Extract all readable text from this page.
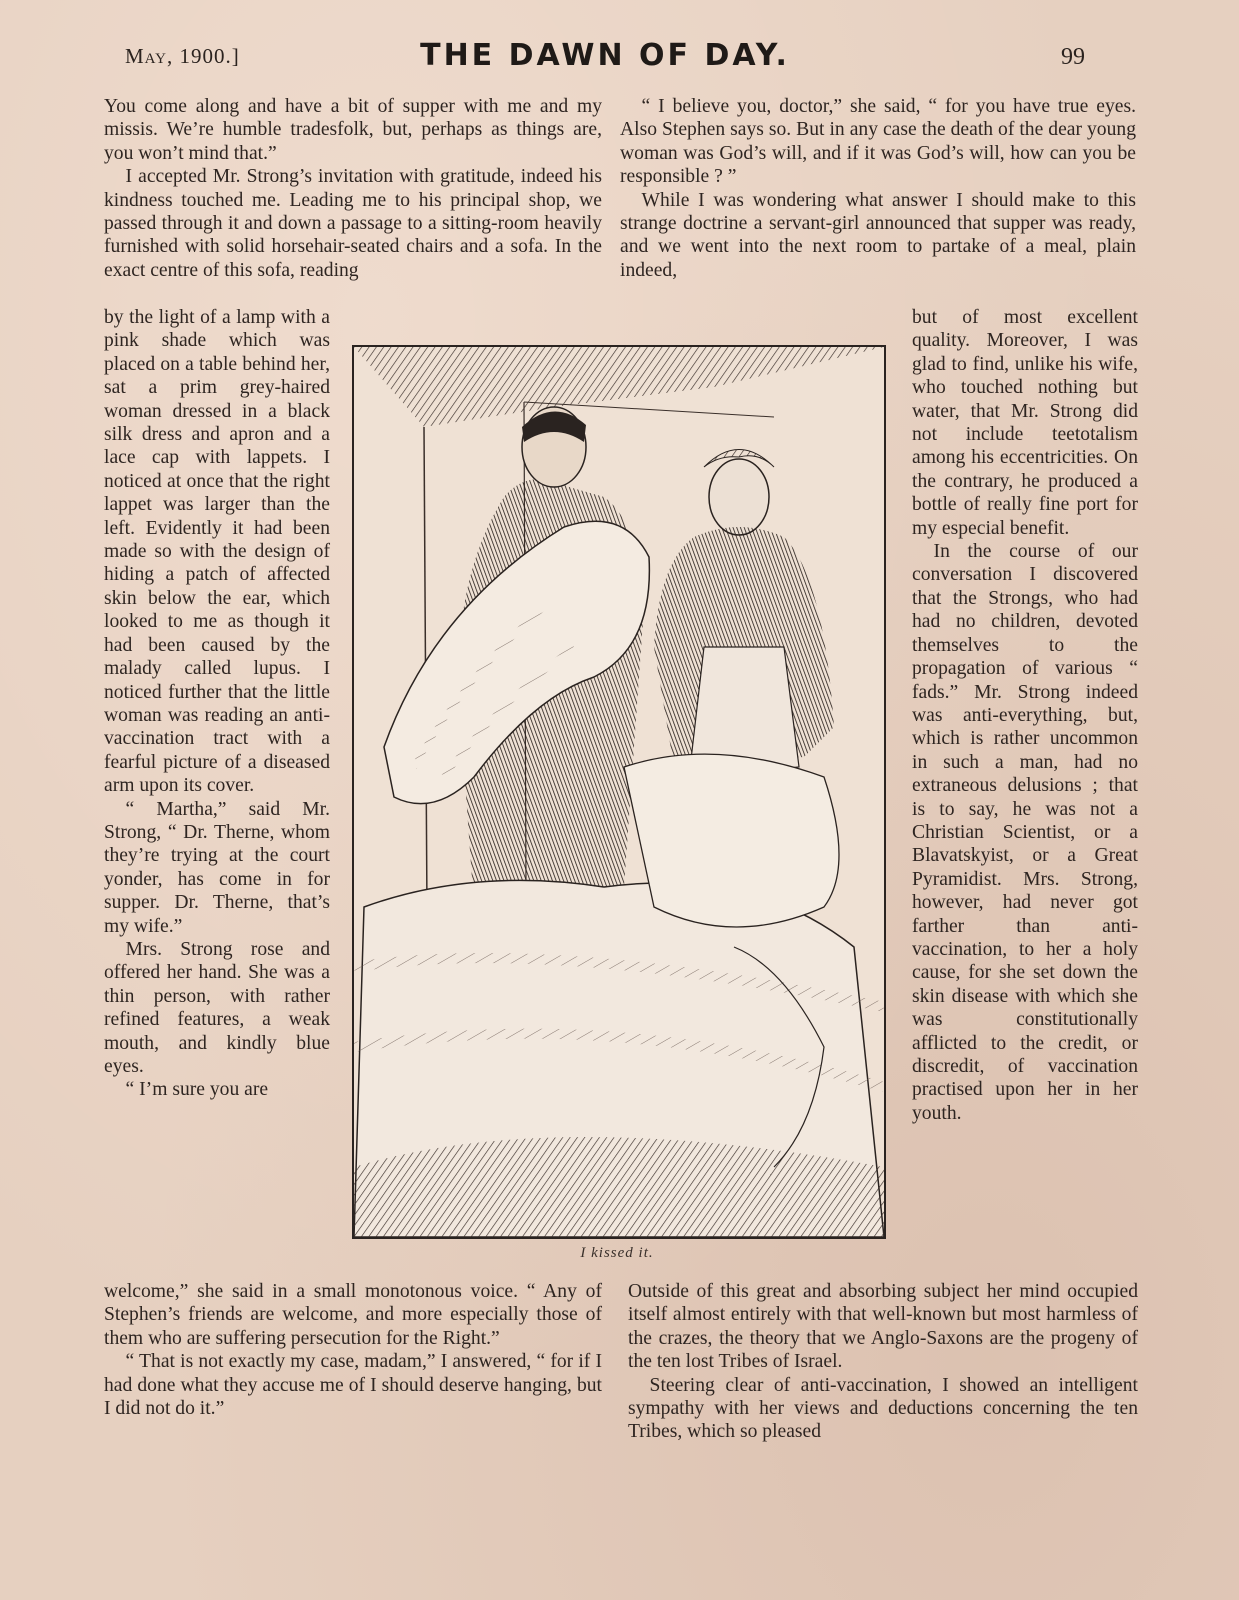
May, 1900.]	THE DAWN OF DAY.	99

You come along and have a bit of supper with me and my missis. We’re humble tradesfolk, but, perhaps as things are, you won’t mind that.”

I accepted Mr. Strong’s invitation with gratitude, indeed his kindness touched me. Leading me to his principal shop, we passed through it and down a passage to a sitting-room heavily furnished with solid horsehair-seated chairs and a sofa. In the exact centre of this sofa, reading

“ I believe you, doctor,” she said, “ for you have true eyes. Also Stephen says so. But in any case the death of the dear young woman was God’s will, and if it was God’s will, how can you be responsible ? ”

While I was wondering what answer I should make to this strange doctrine a servant-girl announced that supper was ready, and we went into the next room to partake of a meal, plain indeed,

by the light of a lamp with a pink shade which was placed on a table behind her, sat a prim grey-haired woman dressed in a black silk dress and apron and a lace cap with lappets. I noticed at once that the right lappet was larger than the left. Evidently it had been made so with the design of hiding a patch of affected skin below the ear, which looked to me as though it had been caused by the malady called lupus. I noticed further that the little woman was reading an anti-vaccination tract with a fearful picture of a diseased arm upon its cover.

“ Martha,” said Mr. Strong, “ Dr. Therne, whom they’re trying at the court yonder, has come in for supper. Dr. Therne, that’s my wife.”

Mrs. Strong rose and offered her hand. She was a thin person, with rather refined features, a weak mouth, and kindly blue eyes.

“ I’m sure you are

but of most excellent quality. Moreover, I was glad to find, unlike his wife, who touched nothing but water, that Mr. Strong did not include teetotalism among his eccentricities. On the contrary, he produced a bottle of really fine port for my especial benefit.

In the course of our conversation I discovered that the Strongs, who had had no children, devoted themselves to the propagation of various “ fads.” Mr. Strong indeed was anti-everything, but, which is rather uncommon in such a man, had no extraneous delusions ; that is to say, he was not a Christian Scientist, or a Blavatskyist, or a Great Pyramidist. Mrs. Strong, however, had never got farther than anti-vaccination, to her a holy cause, for she set down the skin disease with which she was constitutionally afflicted to the credit, or discredit, of vaccination practised upon her in her youth.

welcome,” she said in a small monotonous voice. “ Any of Stephen’s friends are welcome, and more especially those of them who are suffering persecution for the Right.”

“ That is not exactly my case, madam,” I answered, “ for if I had done what they accuse me of I should deserve hanging, but I did not do it.”

Outside of this great and absorbing subject her mind occupied itself almost entirely with that well-known but most harmless of the crazes, the theory that we Anglo-Saxons are the progeny of the ten lost Tribes of Israel.

Steering clear of anti-vaccination, I showed an intelligent sympathy with her views and deductions concerning the ten Tribes, which so pleased

I kissed it.
